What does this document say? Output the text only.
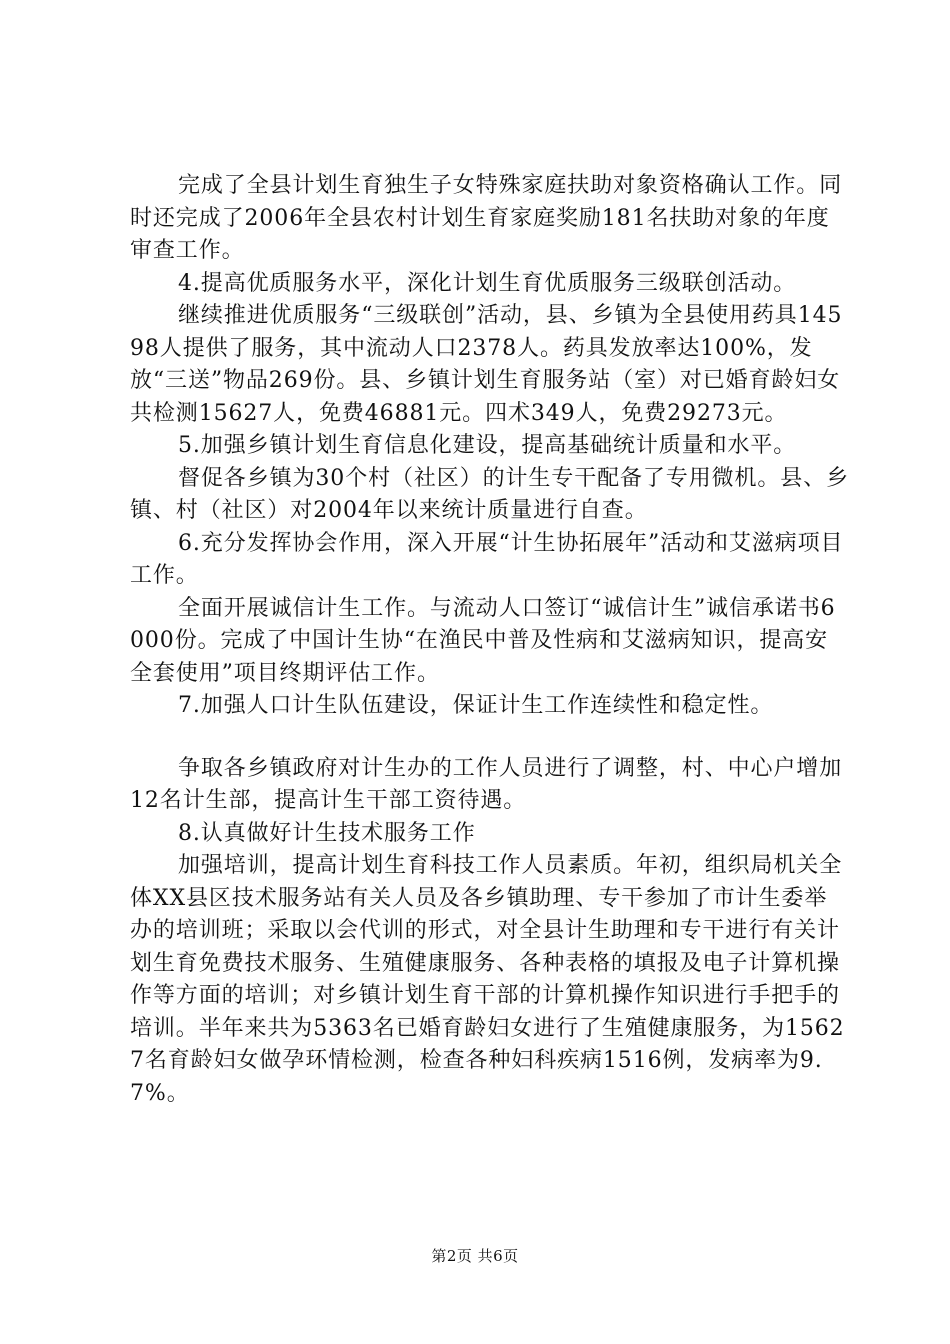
完成了全县计划生育独生子女特殊家庭扶助对象资格确认工作。同时还完成了2006年全县农村计划生育家庭奖励181名扶助对象的年度审查工作。

4.提高优质服务水平，深化计划生育优质服务三级联创活动。

继续推进优质服务“三级联创”活动，县、乡镇为全县使用药具14598人提供了服务，其中流动人口2378人。药具发放率达100%，发放“三送”物品269份。县、乡镇计划生育服务站（室）对已婚育龄妇女共检测15627人，免费46881元。四术349人，免费29273元。

5.加强乡镇计划生育信息化建设，提高基础统计质量和水平。

督促各乡镇为30个村（社区）的计生专干配备了专用微机。县、乡镇、村（社区）对2004年以来统计质量进行自查。

6.充分发挥协会作用，深入开展“计生协拓展年”活动和艾滋病项目工作。

全面开展诚信计生工作。与流动人口签订“诚信计生”诚信承诺书6000份。完成了中国计生协“在渔民中普及性病和艾滋病知识，提高安全套使用”项目终期评估工作。

7.加强人口计生队伍建设，保证计生工作连续性和稳定性。

争取各乡镇政府对计生办的工作人员进行了调整，村、中心户增加12名计生部，提高计生干部工资待遇。

8.认真做好计生技术服务工作

加强培训，提高计划生育科技工作人员素质。年初，组织局机关全体XX县区技术服务站有关人员及各乡镇助理、专干参加了市计生委举办的培训班；采取以会代训的形式，对全县计生助理和专干进行有关计划生育免费技术服务、生殖健康服务、各种表格的填报及电子计算机操作等方面的培训；对乡镇计划生育干部的计算机操作知识进行手把手的培训。半年来共为5363名已婚育龄妇女进行了生殖健康服务，为15627名育龄妇女做孕环情检测，检查各种妇科疾病1516例，发病率为9.7%。

第2页 共6页
